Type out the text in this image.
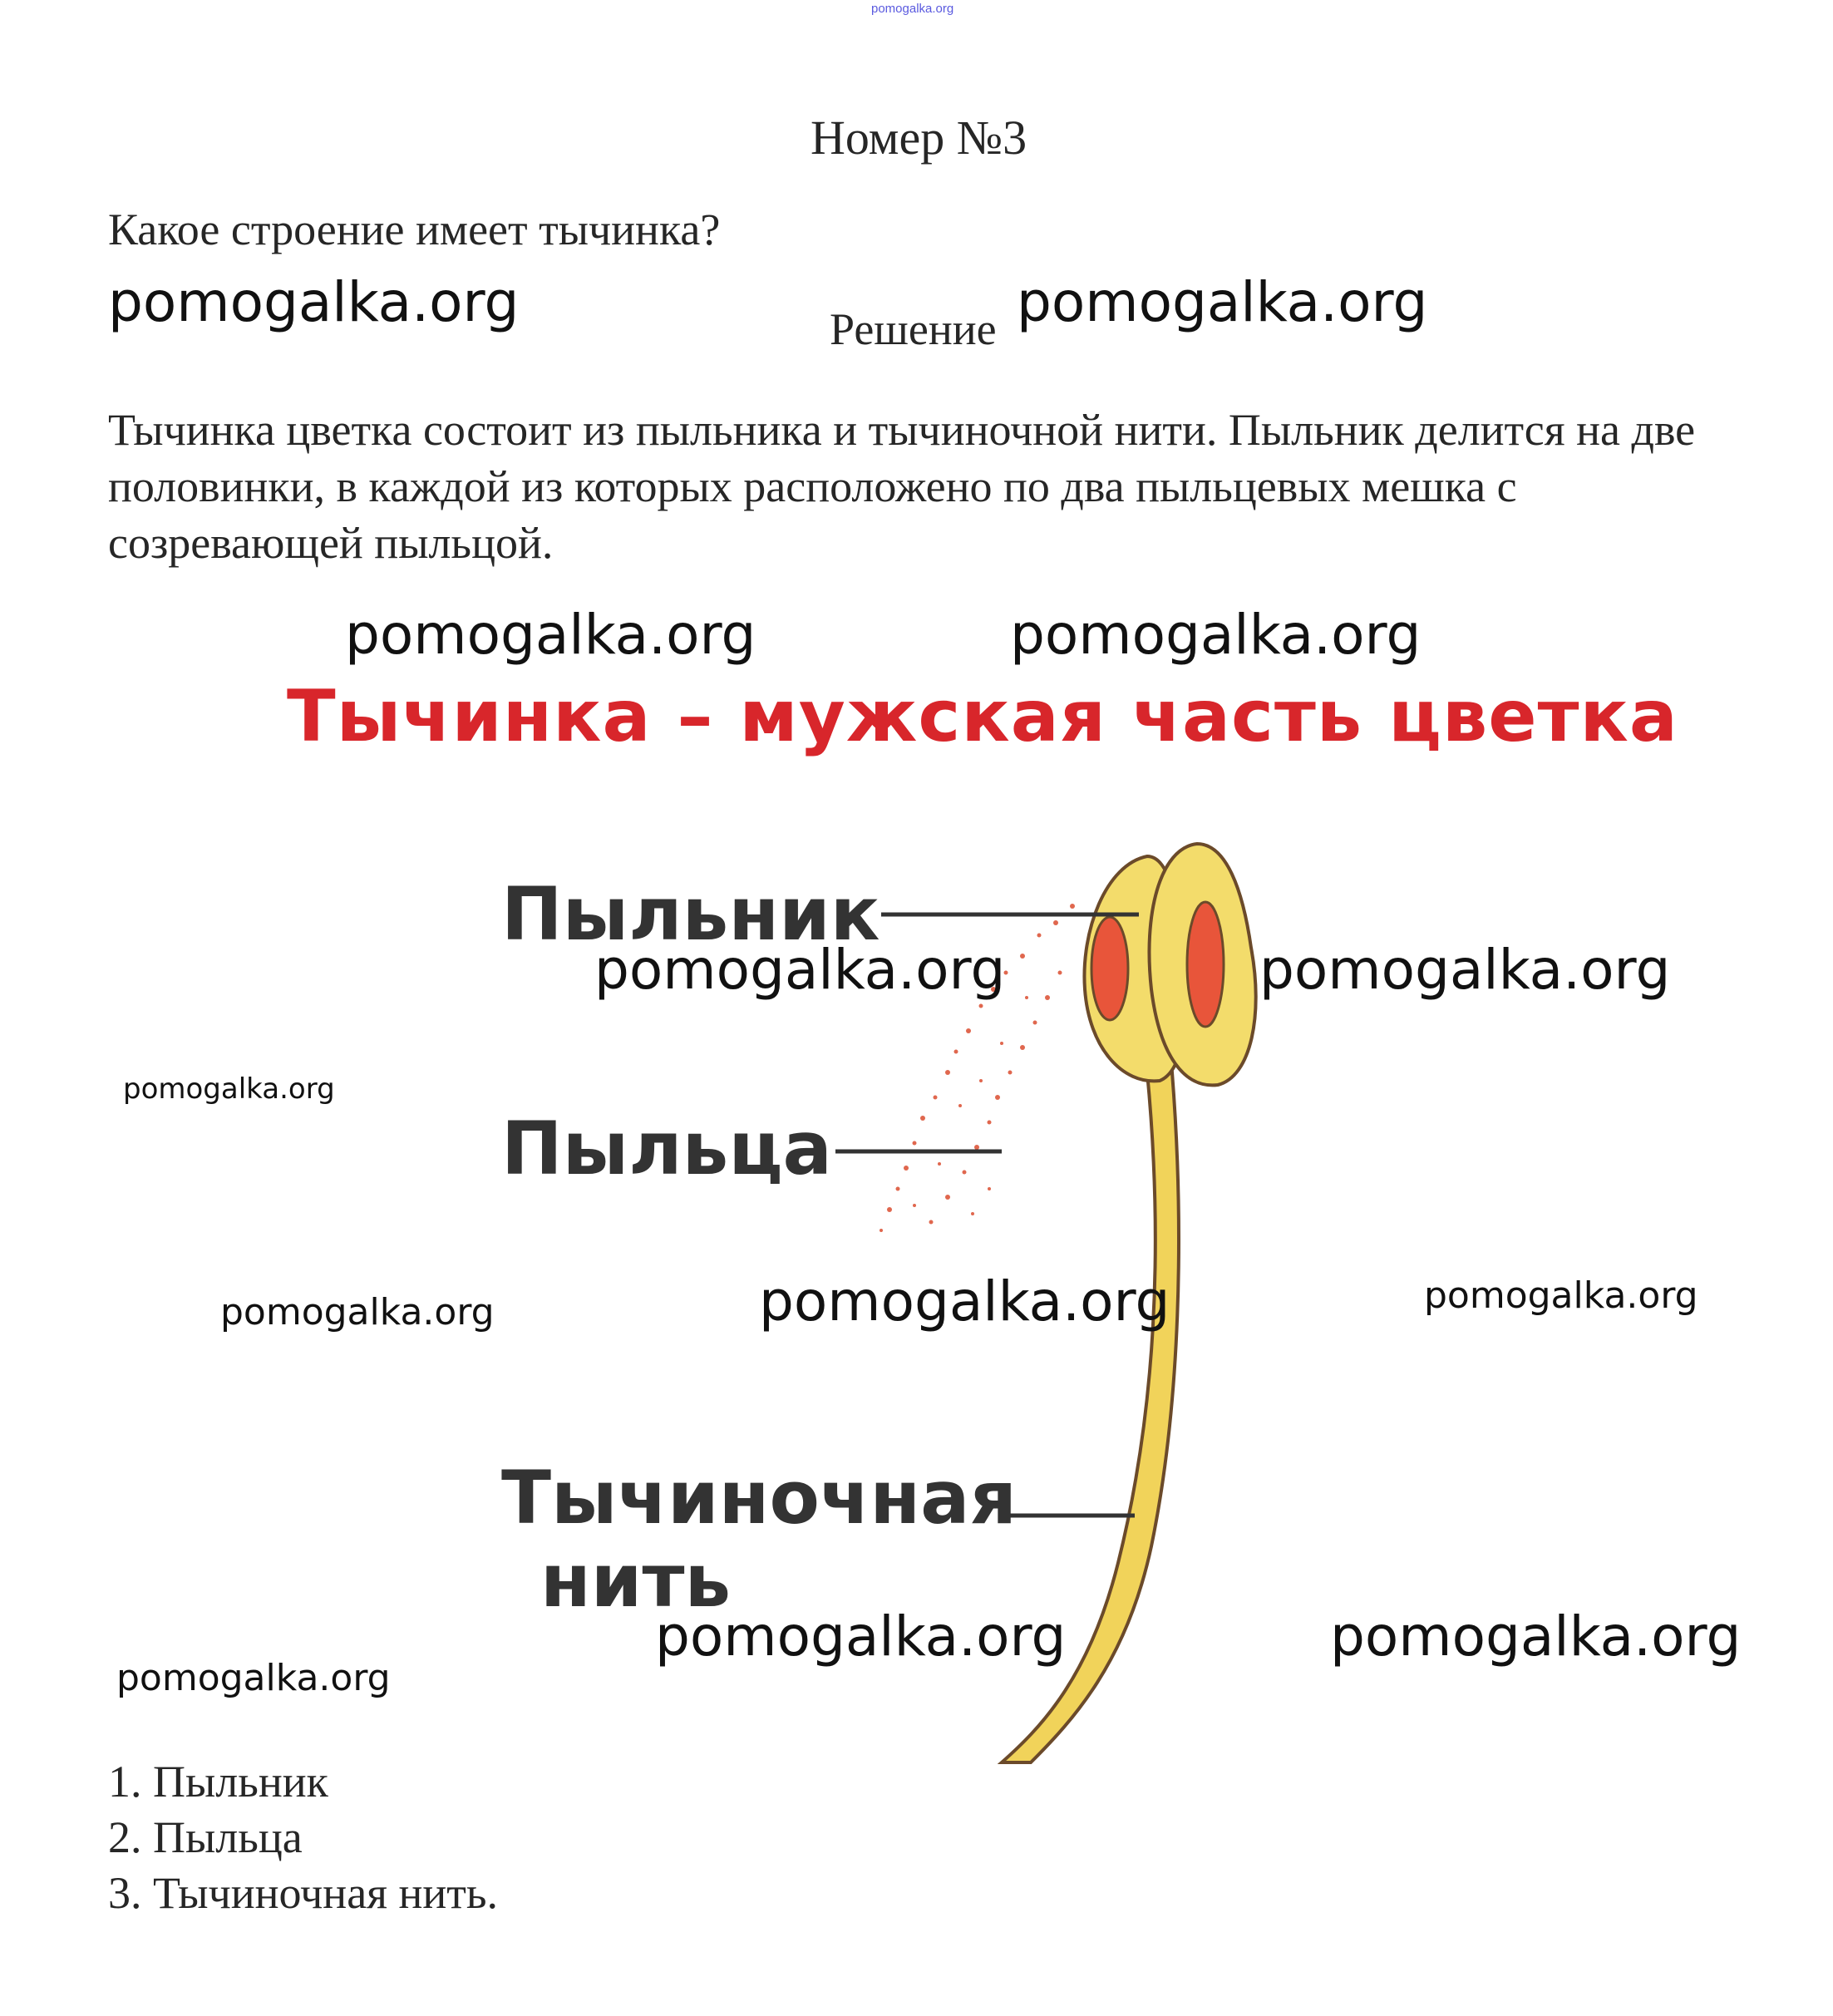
pomogalka.org
Номер №3
Какое строение имеет тычинка?
Решение
Тычинка цветка состоит из пыльника и тычиночной нити. Пыльник делится на две половинки, в каждой из которых расположено по два пыльцевых мешка с созревающей пыльцой.
Тычинка – мужская часть цветка
Пыльник
Пыльца
Тычиночная
нить
pomogalka.org	pomogalka.org
pomogalka.org	pomogalka.org
pomogalka.org	pomogalka.org
pomogalka.org
pomogalka.org
pomogalka.org	pomogalka.org
pomogalka.org	pomogalka.org
pomogalka.org
1. Пыльник
2. Пыльца
3. Тычиночная нить.
